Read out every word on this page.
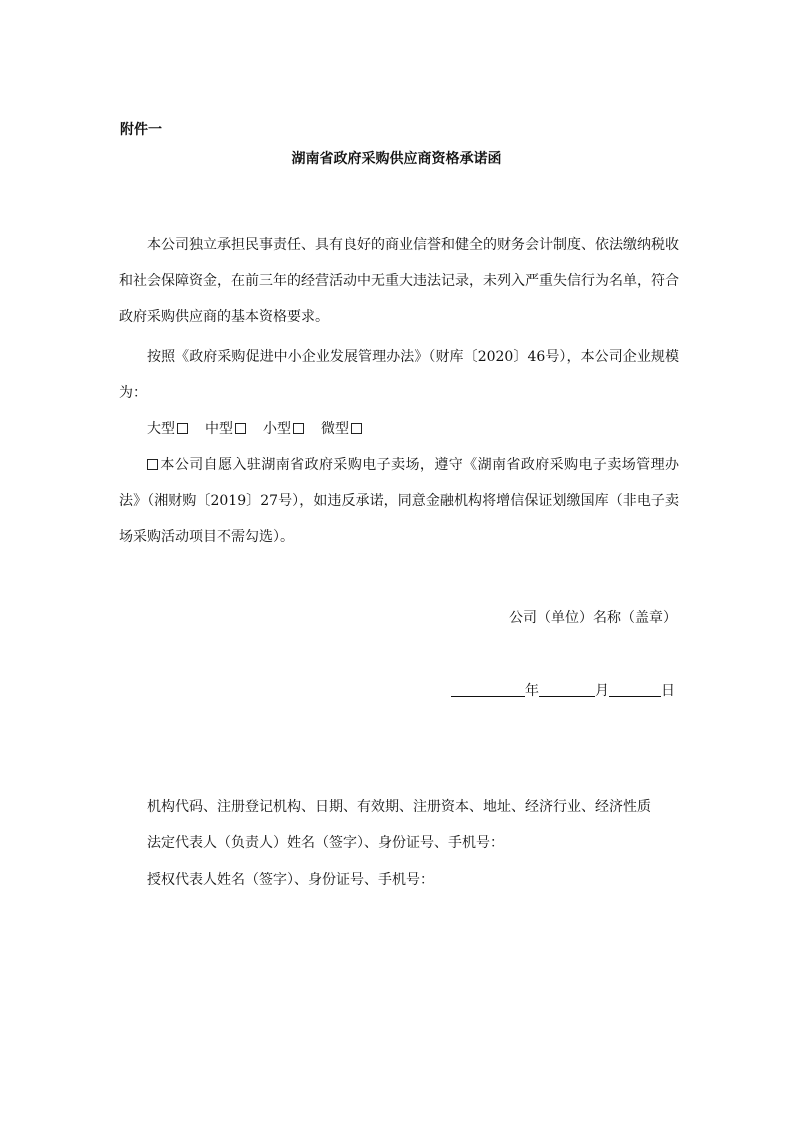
附件一
湖南省政府采购供应商资格承诺函

本公司独立承担民事责任、具有良好的商业信誉和健全的财务会计制度、依法缴纳税收和社会保障资金，在前三年的经营活动中无重大违法记录，未列入严重失信行为名单，符合政府采购供应商的基本资格要求。

按照《政府采购促进中小企业发展管理办法》（财库〔2020〕46号），本公司企业规模为：

大型 中型 小型 微型

本公司自愿入驻湖南省政府采购电子卖场，遵守《湖南省政府采购电子卖场管理办法》（湘财购〔2019〕27号），如违反承诺，同意金融机构将增信保证划缴国库（非电子卖场采购活动项目不需勾选）。

公司（单位）名称（盖章）
年	月	日
机构代码、注册登记机构、日期、有效期、注册资本、地址、经济行业、经济性质
法定代表人（负责人）姓名（签字）、身份证号、手机号：
授权代表人姓名（签字）、身份证号、手机号：
